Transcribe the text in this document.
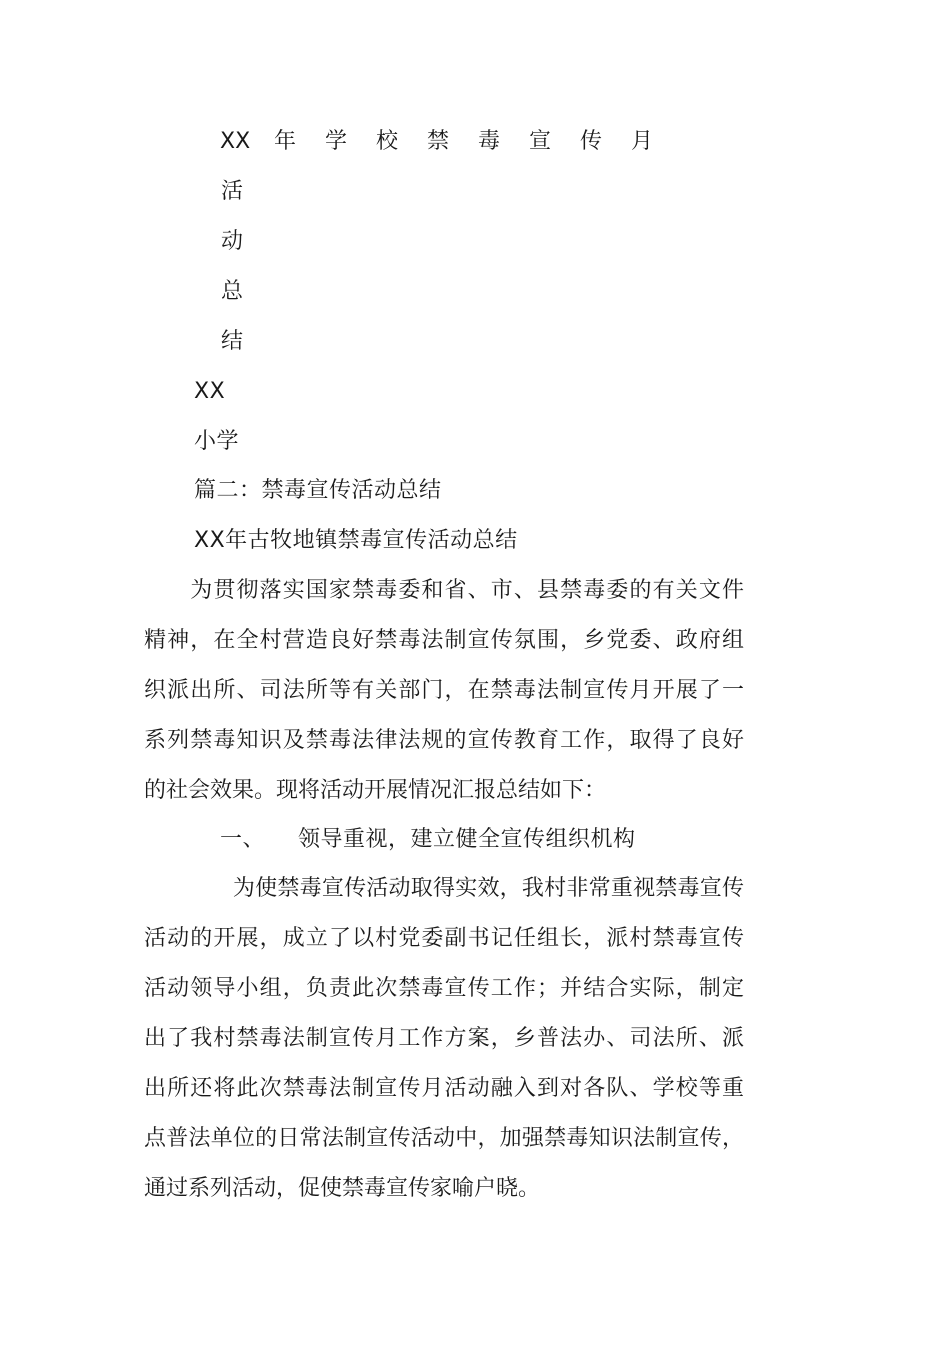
XX	年	学	校	禁	毒	宣	传	月
活
动
总
结
XX
小学
篇二：禁毒宣传活动总结
XX年古牧地镇禁毒宣传活动总结
　　为贯彻落实国家禁毒委和省、市、县禁毒委的有关文件
精神，在全村营造良好禁毒法制宣传氛围，乡党委、政府组
织派出所、司法所等有关部门，在禁毒法制宣传月开展了一
系列禁毒知识及禁毒法律法规的宣传教育工作，取得了良好
的社会效果。现将活动开展情况汇报总结如下：
一、 领导重视，建立健全宣传组织机构
　　　　为使禁毒宣传活动取得实效，我村非常重视禁毒宣传
活动的开展，成立了以村党委副书记任组长，派村禁毒宣传
活动领导小组，负责此次禁毒宣传工作；并结合实际，制定
出了我村禁毒法制宣传月工作方案，乡普法办、司法所、派
出所还将此次禁毒法制宣传月活动融入到对各队、学校等重
点普法单位的日常法制宣传活动中，加强禁毒知识法制宣传，
通过系列活动，促使禁毒宣传家喻户晓。
